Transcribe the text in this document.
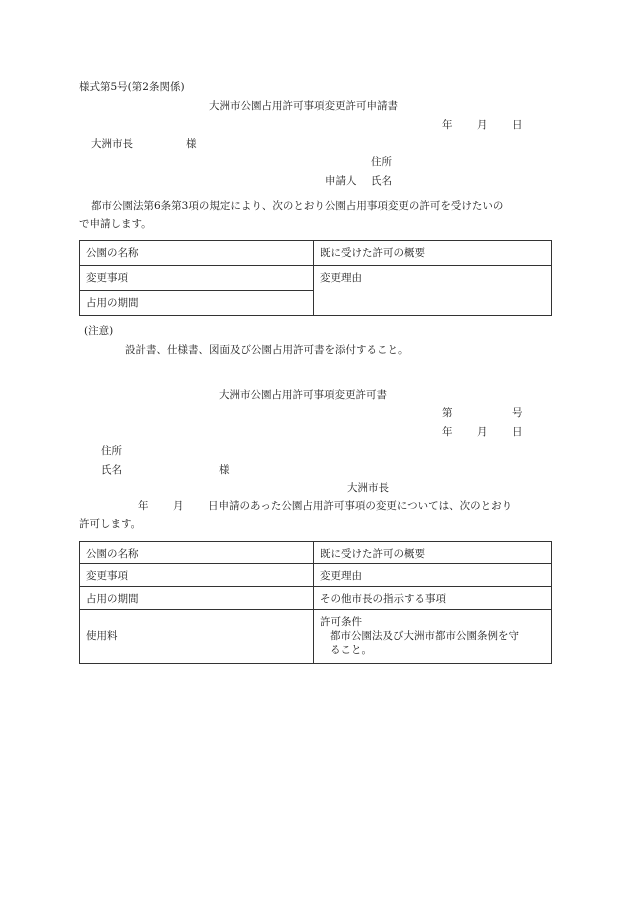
様式第5号(第2条関係)
大洲市公園占用許可事項変更許可申請書
年 月 日
大洲市長	様
住所
申請人 氏名
都市公園法第6条第3項の規定により、次のとおり公園占用事項変更の許可を受けたいの
で申請します。
公園の名称	既に受けた許可の概要
変更事項	変更理由
占用の期間	
(注意)
設計書、仕様書、図面及び公園占用許可書を添付すること。
大洲市公園占用許可事項変更許可書
第	号
年 月 日
住所
氏名	様
大洲市長
年 月 日申請のあった公園占用許可事項の変更については、次のとおり
許可します。
公園の名称	既に受けた許可の概要
変更事項	変更理由
占用の期間	その他市長の指示する事項
使用料	許可条件
都市公園法及び大洲市都市公園条例を守
ること。
